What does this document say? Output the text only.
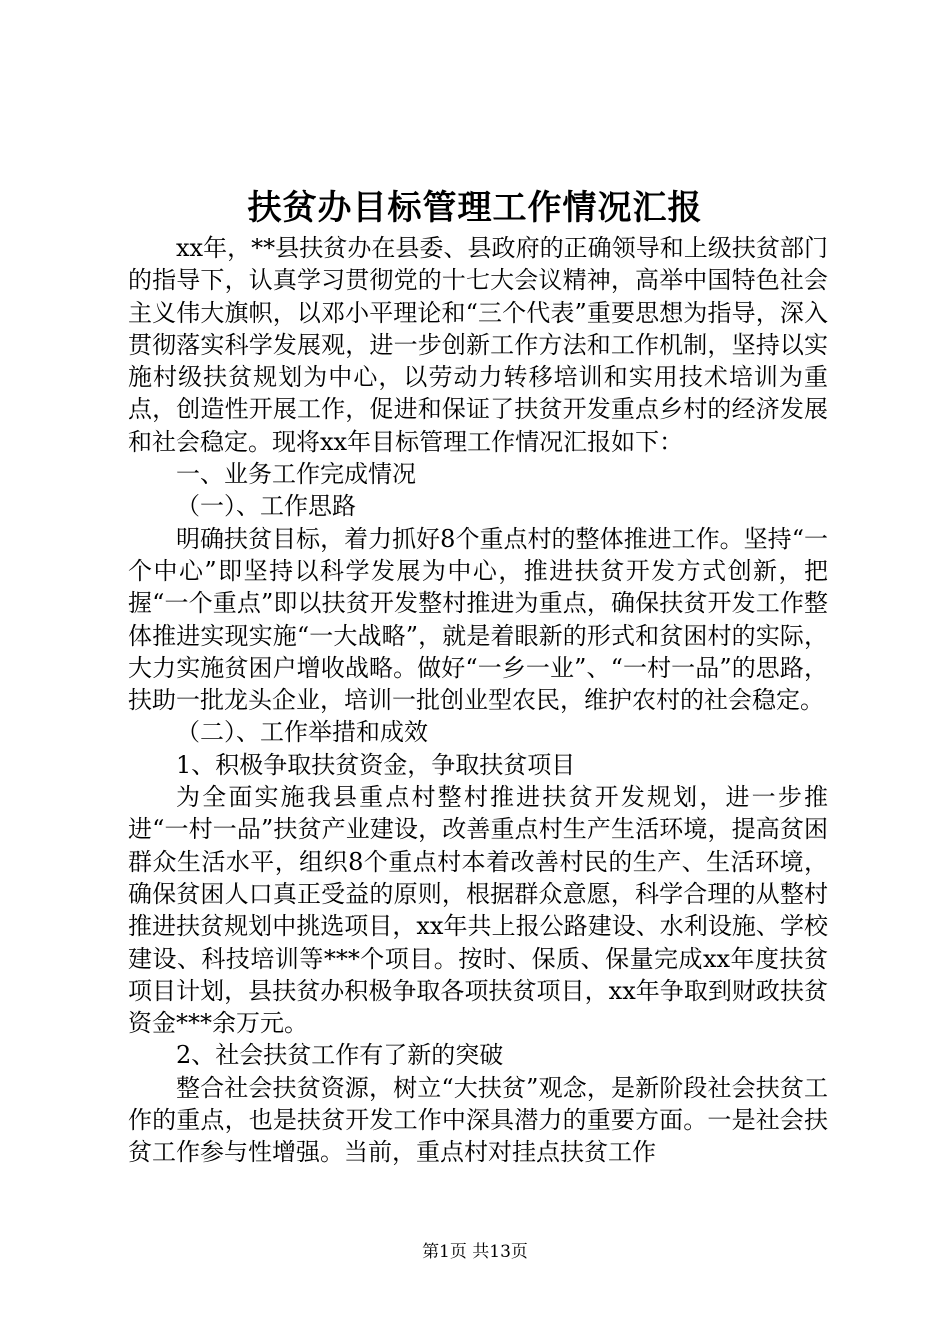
扶贫办目标管理工作情况汇报

xx年，**县扶贫办在县委、县政府的正确领导和上级扶贫部门的指导下，认真学习贯彻党的十七大会议精神，高举中国特色社会主义伟大旗帜，以邓小平理论和“三个代表”重要思想为指导，深入贯彻落实科学发展观，进一步创新工作方法和工作机制，坚持以实施村级扶贫规划为中心，以劳动力转移培训和实用技术培训为重点，创造性开展工作，促进和保证了扶贫开发重点乡村的经济发展和社会稳定。现将xx年目标管理工作情况汇报如下：

一、业务工作完成情况

（一）、工作思路

明确扶贫目标，着力抓好8个重点村的整体推进工作。坚持“一个中心”即坚持以科学发展为中心，推进扶贫开发方式创新，把握“一个重点”即以扶贫开发整村推进为重点，确保扶贫开发工作整体推进实现实施“一大战略”，就是着眼新的形式和贫困村的实际，大力实施贫困户增收战略。做好“一乡一业”、“一村一品”的思路，扶助一批龙头企业，培训一批创业型农民，维护农村的社会稳定。

（二）、工作举措和成效

1、积极争取扶贫资金，争取扶贫项目

为全面实施我县重点村整村推进扶贫开发规划，进一步推进“一村一品”扶贫产业建设，改善重点村生产生活环境，提高贫困群众生活水平，组织8个重点村本着改善村民的生产、生活环境，确保贫困人口真正受益的原则，根据群众意愿，科学合理的从整村推进扶贫规划中挑选项目，xx年共上报公路建设、水利设施、学校建设、科技培训等***个项目。按时、保质、保量完成xx年度扶贫项目计划，县扶贫办积极争取各项扶贫项目，xx年争取到财政扶贫资金***余万元。

2、社会扶贫工作有了新的突破

整合社会扶贫资源，树立“大扶贫”观念，是新阶段社会扶贫工作的重点，也是扶贫开发工作中深具潜力的重要方面。一是社会扶贫工作参与性增强。当前，重点村对挂点扶贫工作

第1页 共13页
